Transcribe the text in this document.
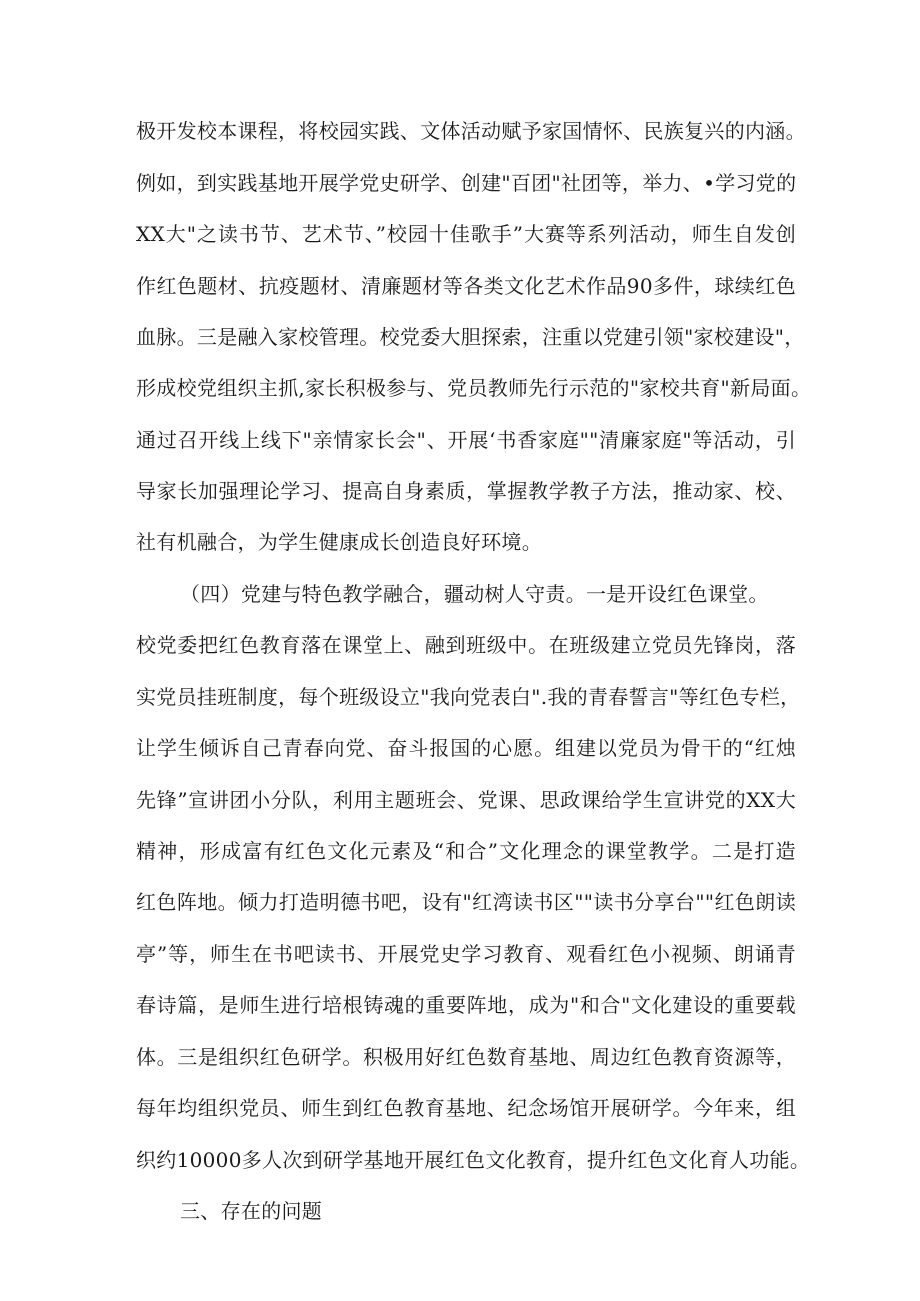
极开发校本课程，将校园实践、文体活动赋予家国情怀、民族复兴的内涵。
例如，到实践基地开展学党史研学、创建"百团"社团等，举力、•学习党的
XX大"之读书节、艺术节、”校园十佳歌手”大赛等系列活动，师生自发创
作红色题材、抗疫题材、清廉题材等各类文化艺术作品90多件，球续红色
血脉。三是融入家校管理。校党委大胆探索，注重以党建引领"家校建设"，
形成校党组织主抓,家长积极参与、党员教师先行示范的"家校共育"新局面。
通过召开线上线下"亲情家长会"、开展‘书香家庭""清廉家庭"等活动，引
导家长加强理论学习、提高自身素质，掌握教学教子方法，推动家、校、
社有机融合，为学生健康成长创造良好环境。
（四）党建与特色教学融合，疆动树人守责。一是开设红色课堂。
校党委把红色教育落在课堂上、融到班级中。在班级建立党员先锋岗，落
实党员挂班制度，每个班级设立"我向党表白".我的青春誓言"等红色专栏，
让学生倾诉自己青春向党、奋斗报国的心愿。组建以党员为骨干的“红烛
先锋”宣讲团小分队，利用主题班会、党课、思政课给学生宣讲党的XX大
精神，形成富有红色文化元素及“和合”文化理念的课堂教学。二是打造
红色阵地。倾力打造明德书吧，设有"红湾读书区""读书分享台""红色朗读
亭”等，师生在书吧读书、开展党史学习教育、观看红色小视频、朗诵青
春诗篇，是师生进行培根铸魂的重要阵地，成为"和合"文化建设的重要载
体。三是组织红色研学。积极用好红色数育基地、周边红色教育资源等，
每年均组织党员、师生到红色教育基地、纪念场馆开展研学。今年来，组
织约10000多人次到研学基地开展红色文化教育，提升红色文化育人功能。
三、存在的问题
